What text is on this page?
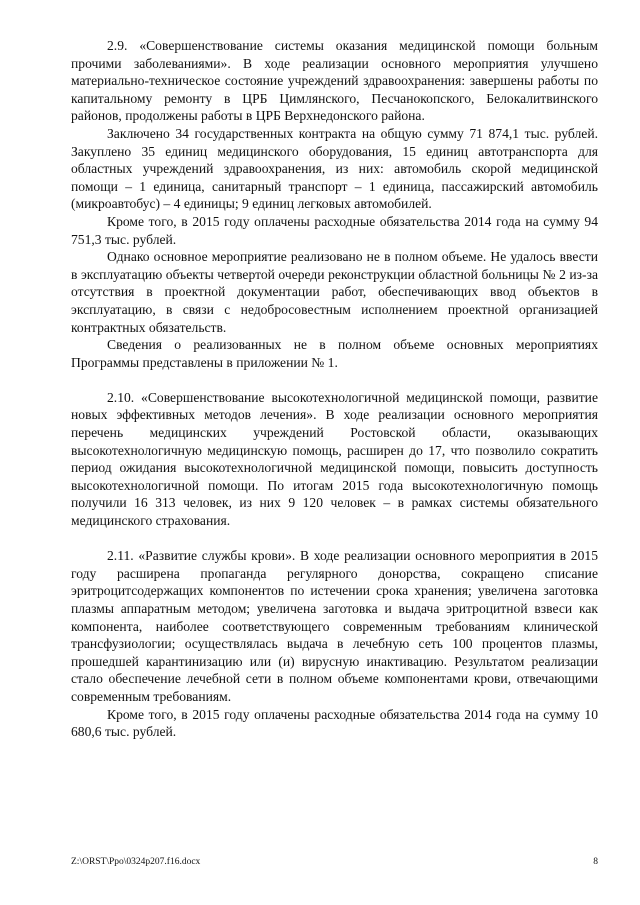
2.9. «Совершенствование системы оказания медицинской помощи больным прочими заболеваниями». В ходе реализации основного мероприятия улучшено материально-техническое состояние учреждений здравоохранения: завершены работы по капитальному ремонту в ЦРБ Цимлянского, Песчанокопского, Белокалитвинского районов, продолжены работы в ЦРБ Верхнедонского района.

Заключено 34 государственных контракта на общую сумму 71 874,1 тыс. рублей. Закуплено 35 единиц медицинского оборудования, 15 единиц автотранспорта для областных учреждений здравоохранения, из них: автомобиль скорой медицинской помощи – 1 единица, санитарный транспорт – 1 единица, пассажирский автомобиль (микроавтобус) – 4 единицы; 9 единиц легковых автомобилей.

Кроме того, в 2015 году оплачены расходные обязательства 2014 года на сумму 94 751,3 тыс. рублей.

Однако основное мероприятие реализовано не в полном объеме. Не удалось ввести в эксплуатацию объекты четвертой очереди реконструкции областной больницы № 2 из-за отсутствия в проектной документации работ, обеспечивающих ввод объектов в эксплуатацию, в связи с недобросовестным исполнением проектной организацией контрактных обязательств.

Сведения о реализованных не в полном объеме основных мероприятиях Программы представлены в приложении № 1.

2.10. «Совершенствование высокотехнологичной медицинской помощи, развитие новых эффективных методов лечения». В ходе реализации основного мероприятия перечень медицинских учреждений Ростовской области, оказывающих высокотехнологичную медицинскую помощь, расширен до 17, что позволило сократить период ожидания высокотехнологичной медицинской помощи, повысить доступность высокотехнологичной помощи. По итогам 2015 года высокотехнологичную помощь получили 16 313 человек, из них 9 120 человек – в рамках системы обязательного медицинского страхования.

2.11. «Развитие службы крови». В ходе реализации основного мероприятия в 2015 году расширена пропаганда регулярного донорства, сокращено списание эритроцитсодержащих компонентов по истечении срока хранения; увеличена заготовка плазмы аппаратным методом; увеличена заготовка и выдача эритроцитной взвеси как компонента, наиболее соответствующего современным требованиям клинической трансфузиологии; осуществлялась выдача в лечебную сеть 100 процентов плазмы, прошедшей карантинизацию или (и) вирусную инактивацию. Результатом реализации стало обеспечение лечебной сети в полном объеме компонентами крови, отвечающими современным требованиям.

Кроме того, в 2015 году оплачены расходные обязательства 2014 года на сумму 10 680,6 тыс. рублей.

Z:\ORST\Ppo\0324p207.f16.docx	8
